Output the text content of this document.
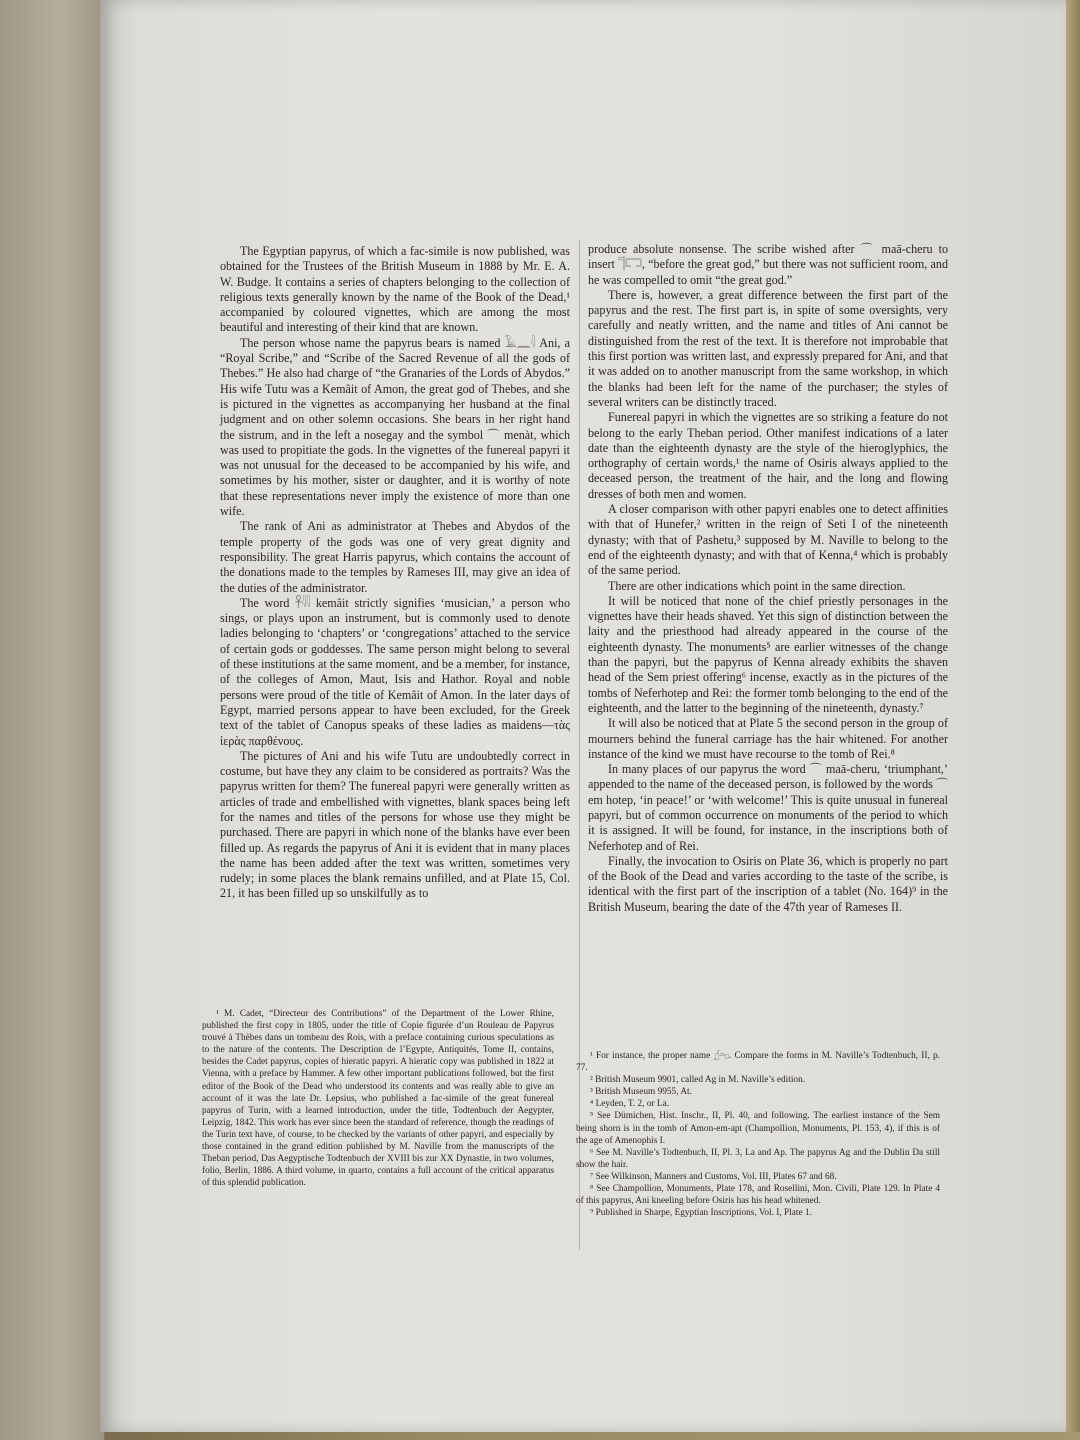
The Egyptian papyrus, of which a fac-simile is now published, was obtained for the Trustees of the British Museum in 1888 by Mr. E. A. W. Budge. It contains a series of chapters belonging to the collection of religious texts generally known by the name of the Book of the Dead,¹ accompanied by coloured vignettes, which are among the most beautiful and interesting of their kind that are known.

The person whose name the papyrus bears is named 𓄿𓈖𓇋 Ani, a “Royal Scribe,” and “Scribe of the Sacred Revenue of all the gods of Thebes.” He also had charge of “the Granaries of the Lords of Abydos.” His wife Tutu was a Kemâit of Amon, the great god of Thebes, and she is pictured in the vignettes as accompanying her husband at the final judgment and on other solemn occasions. She bears in her right hand the sistrum, and in the left a nosegay and the symbol ⌒ menàt, which was used to propitiate the gods. In the vignettes of the funereal papyri it was not unusual for the deceased to be accompanied by his wife, and sometimes by his mother, sister or daughter, and it is worthy of note that these representations never imply the existence of more than one wife.

The rank of Ani as administrator at Thebes and Abydos of the temple property of the gods was one of very great dignity and responsibility. The great Harris papyrus, which contains the account of the donations made to the temples by Rameses III, may give an idea of the duties of the administrator.

The word 𓋹𓇋𓇋 kemâit strictly signifies ‘musician,’ a person who sings, or plays upon an instrument, but is commonly used to denote ladies belonging to ‘chapters’ or ‘congregations’ attached to the service of certain gods or goddesses. The same person might belong to several of these institutions at the same moment, and be a member, for instance, of the colleges of Amon, Maut, Isis and Hathor. Royal and noble persons were proud of the title of Kemâit of Amon. In the later days of Egypt, married persons appear to have been excluded, for the Greek text of the tablet of Canopus speaks of these ladies as maidens—τὰς ἱερὰς παρθένους.

The pictures of Ani and his wife Tutu are undoubtedly correct in costume, but have they any claim to be considered as portraits? Was the papyrus written for them? The funereal papyri were generally written as articles of trade and embellished with vignettes, blank spaces being left for the names and titles of the persons for whose use they might be purchased. There are papyri in which none of the blanks have ever been filled up. As regards the papyrus of Ani it is evident that in many places the name has been added after the text was written, sometimes very rudely; in some places the blank remains unfilled, and at Plate 15, Col. 21, it has been filled up so unskilfully as to

produce absolute nonsense. The scribe wished after ⌒ maā-cheru to insert 𓊹𓉐, “before the great god,” but there was not sufficient room, and he was compelled to omit “the great god.”

There is, however, a great difference between the first part of the papyrus and the rest. The first part is, in spite of some oversights, very carefully and neatly written, and the name and titles of Ani cannot be distinguished from the rest of the text. It is therefore not improbable that this first portion was written last, and expressly prepared for Ani, and that it was added on to another manuscript from the same workshop, in which the blanks had been left for the name of the purchaser; the styles of several writers can be distinctly traced.

Funereal papyri in which the vignettes are so striking a feature do not belong to the early Theban period. Other manifest indications of a later date than the eighteenth dynasty are the style of the hieroglyphics, the orthography of certain words,¹ the name of Osiris always applied to the deceased person, the treatment of the hair, and the long and flowing dresses of both men and women.

A closer comparison with other papyri enables one to detect affinities with that of Hunefer,² written in the reign of Seti I of the nineteenth dynasty; with that of Pashetu,³ supposed by M. Naville to belong to the end of the eighteenth dynasty; and with that of Kenna,⁴ which is probably of the same period.

There are other indications which point in the same direction.

It will be noticed that none of the chief priestly personages in the vignettes have their heads shaved. Yet this sign of distinction between the laity and the priesthood had already appeared in the course of the eighteenth dynasty. The monuments⁵ are earlier witnesses of the change than the papyri, but the papyrus of Kenna already exhibits the shaven head of the Sem priest offering⁶ incense, exactly as in the pictures of the tombs of Neferhotep and Rei: the former tomb belonging to the end of the eighteenth, and the latter to the beginning of the nineteenth, dynasty.⁷

It will also be noticed that at Plate 5 the second person in the group of mourners behind the funeral carriage has the hair whitened. For another instance of the kind we must have recourse to the tomb of Rei.⁸

In many places of our papyrus the word ⌒ maā-cheru, ‘triumphant,’ appended to the name of the deceased person, is followed by the words ⌒ em hotep, ‘in peace!’ or ‘with welcome!’ This is quite unusual in funereal papyri, but of common occurrence on monuments of the period to which it is assigned. It will be found, for instance, in the inscriptions both of Neferhotep and of Rei.

Finally, the invocation to Osiris on Plate 36, which is properly no part of the Book of the Dead and varies according to the taste of the scribe, is identical with the first part of the inscription of a tablet (No. 164)⁹ in the British Museum, bearing the date of the 47th year of Rameses II.

¹ M. Cadet, “Directeur des Contributions” of the Department of the Lower Rhine, published the first copy in 1805, under the title of Copie figurée d’un Rouleau de Papyrus trouvé à Thèbes dans un tombeau des Rois, with a preface containing curious speculations as to the nature of the contents. The Description de l’Egypte, Antiquités, Tome II, contains, besides the Cadet papyrus, copies of hieratic papyri. A hieratic copy was published in 1822 at Vienna, with a preface by Hammer. A few other important publications followed, but the first editor of the Book of the Dead who understood its contents and was really able to give an account of it was the late Dr. Lepsius, who published a fac-simile of the great funereal papyrus of Turin, with a learned introduction, under the title, Todtenbuch der Aegypter, Leipzig, 1842. This work has ever since been the standard of reference, though the readings of the Turin text have, of course, to be checked by the variants of other papyri, and especially by those contained in the grand edition published by M. Naville from the manuscripts of the Theban period, Das Aegyptische Todtenbuch der XVIII bis zur XX Dynastie, in two volumes, folio, Berlin, 1886. A third volume, in quarto, contains a full account of the critical apparatus of this splendid publication.

¹ For instance, the proper name 𓊨𓏏𓊪. Compare the forms in M. Naville’s Todtenbuch, II, p. 77.

² British Museum 9901, called Ag in M. Naville’s edition.

³ British Museum 9955, At.

⁴ Leyden, T. 2, or La.

⁵ See Dümichen, Hist. Inschr., II, Pl. 40, and following. The earliest instance of the Sem being shorn is in the tomb of Amon-em-apt (Champollion, Monuments, Pl. 153, 4), if this is of the age of Amenophis I.

⁶ See M. Naville’s Todtenbuch, II, Pl. 3, La and Ap. The papyrus Ag and the Dublin Da still show the hair.

⁷ See Wilkinson, Manners and Customs, Vol. III, Plates 67 and 68.

⁸ See Champollion, Monuments, Plate 178, and Rosellini, Mon. Civili, Plate 129. In Plate 4 of this papyrus, Ani kneeling before Osiris has his head whitened.

⁹ Published in Sharpe, Egyptian Inscriptions, Vol. I, Plate 1.
